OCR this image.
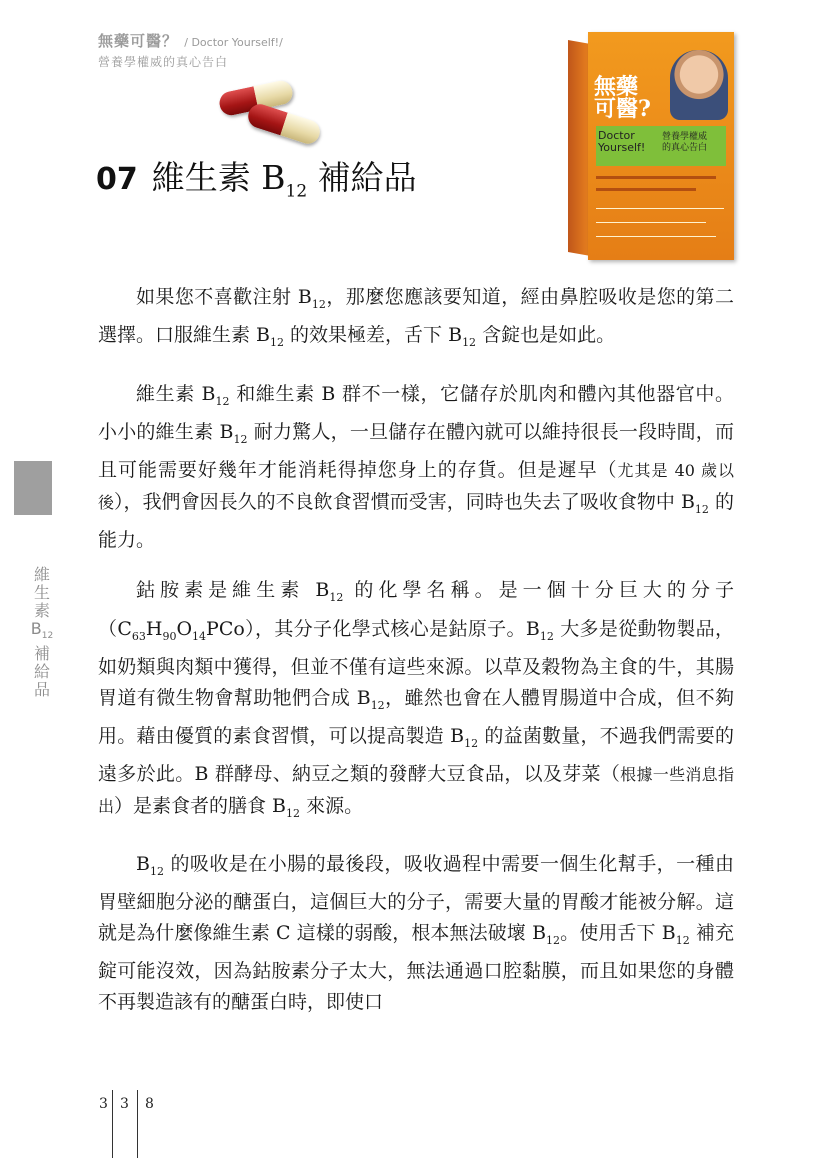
無藥可醫？ / Doctor Yourself!/
營養學權威的真心告白
07 維生素 $B_{12}$ 補給品
無藥
可醫?
Doctor
Yourself!
營養學權威
的真心告白
維
生
素
$B_{12}$
補
給
品

如果您不喜歡注射 $B_{12}$，那麼您應該要知道，經由鼻腔吸收是您的第二選擇。口服維生素 $B_{12}$ 的效果極差，舌下 $B_{12}$ 含錠也是如此。

維生素 $B_{12}$ 和維生素 B 群不一樣，它儲存於肌肉和體內其他器官中。小小的維生素 $B_{12}$ 耐力驚人，一旦儲存在體內就可以維持很長一段時間，而且可能需要好幾年才能消耗得掉您身上的存貨。但是遲早（尤其是 40 歲以後），我們會因長久的不良飲食習慣而受害，同時也失去了吸收食物中 $B_{12}$ 的能力。

鈷胺素是維生素 $B_{12}$ 的化學名稱。是一個十分巨大的分子$(C_{63}H_{90}O_{14}PCo)$，其分子化學式核心是鈷原子。$B_{12}$ 大多是從動物製品，如奶類與肉類中獲得，但並不僅有這些來源。以草及穀物為主食的牛，其腸胃道有微生物會幫助牠們合成 $B_{12}$，雖然也會在人體胃腸道中合成，但不夠用。藉由優質的素食習慣，可以提高製造 $B_{12}$ 的益菌數量，不過我們需要的遠多於此。B 群酵母、納豆之類的發酵大豆食品，以及芽菜（根據一些消息指出）是素食者的膳食 $B_{12}$ 來源。

$B_{12}$ 的吸收是在小腸的最後段，吸收過程中需要一個生化幫手，一種由胃壁細胞分泌的醣蛋白，這個巨大的分子，需要大量的胃酸才能被分解。這就是為什麼像維生素 C 這樣的弱酸，根本無法破壞 $B_{12}$。使用舌下 $B_{12}$ 補充錠可能沒效，因為鈷胺素分子太大，無法通過口腔黏膜，而且如果您的身體不再製造該有的醣蛋白時，即使口

3 3 8
